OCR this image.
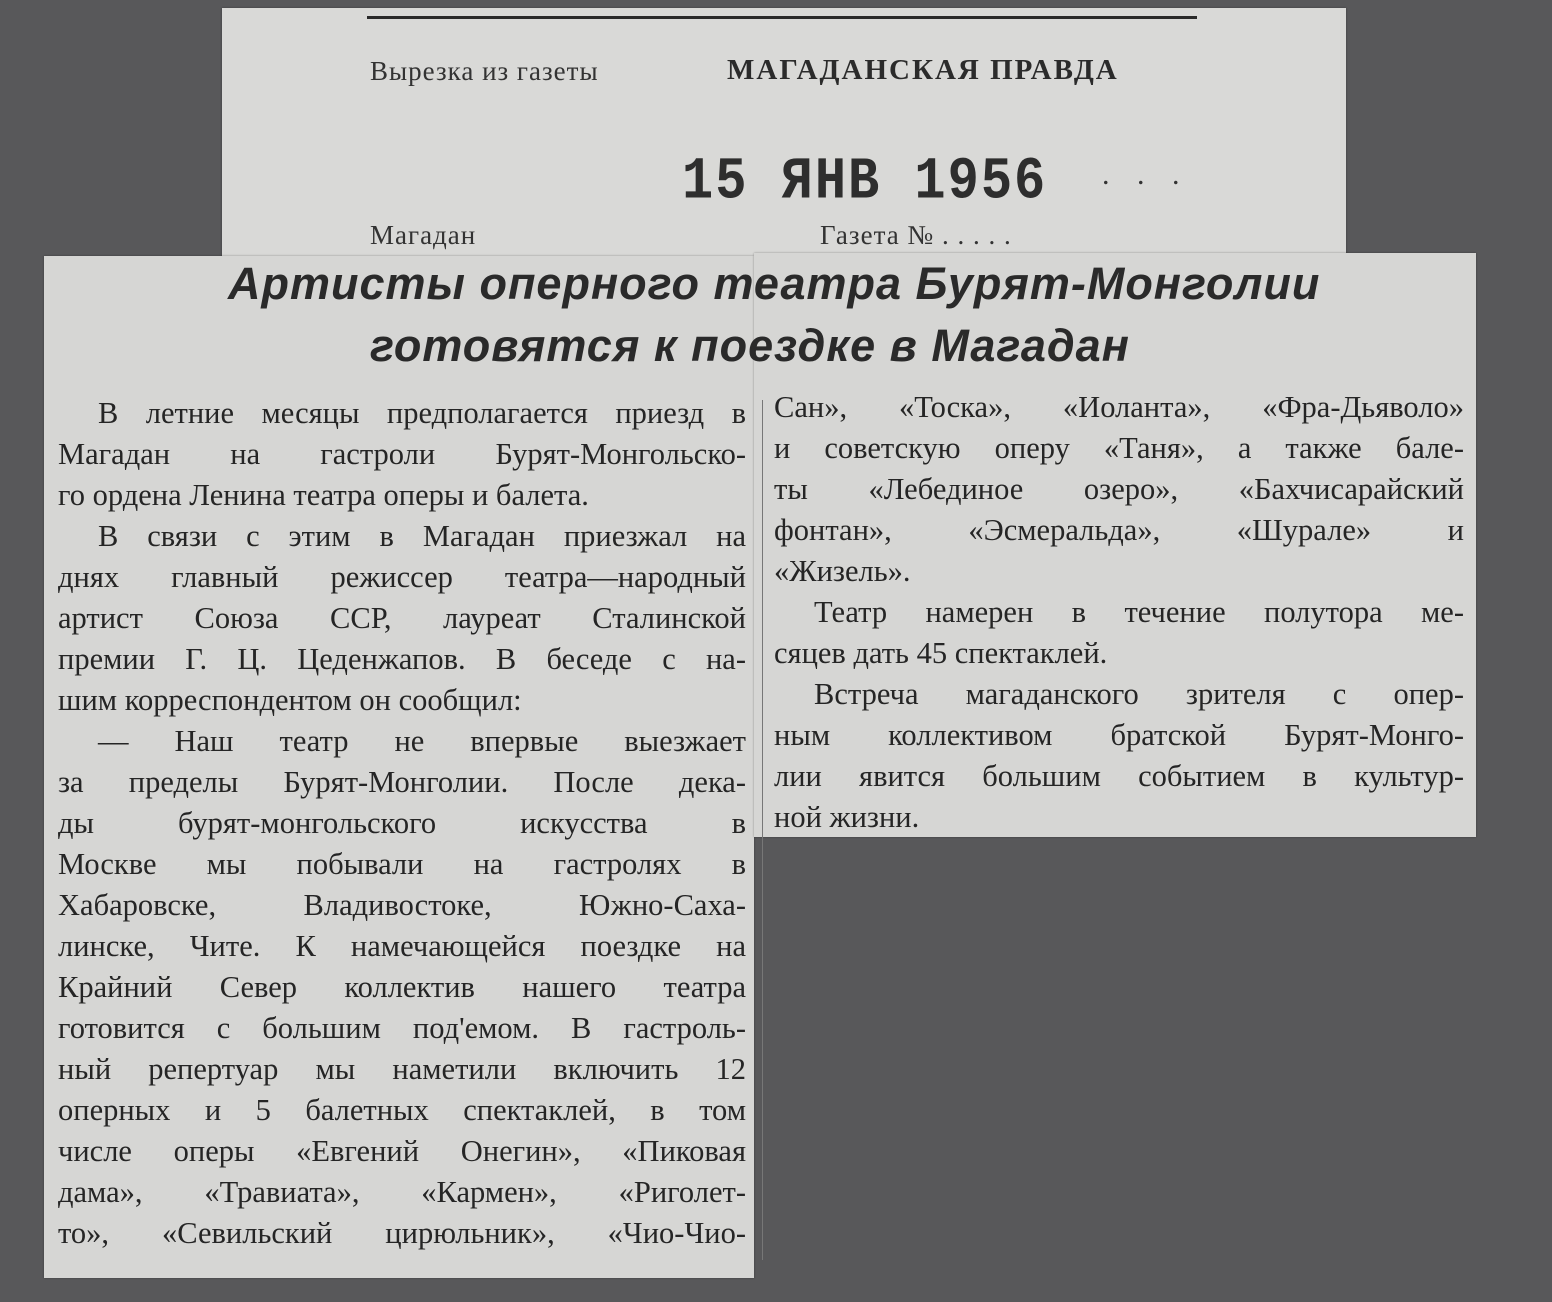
Вырезка из газеты	МАГАДАНСКАЯ ПРАВДА
15 ЯНВ 1956 . . .
Магадан	Газета № . . . . .
Артисты оперного театра Бурят-Монголии
готовятся к поездке в Магадан
В летние месяцы предполагается приезд в
Магадан на гастроли Бурят-Монгольско-
го ордена Ленина театра оперы и балета.
В связи с этим в Магадан приезжал на
днях главный режиссер театра—народный
артист Союза ССР, лауреат Сталинской
премии Г. Ц. Цеденжапов. В беседе с на-
шим корреспондентом он сообщил:
— Наш театр не впервые выезжает
за пределы Бурят-Монголии. После дека-
ды бурят-монгольского искусства в
Москве мы побывали на гастролях в
Хабаровске, Владивостоке, Южно-Саха-
линске, Чите. К намечающейся поездке на
Крайний Север коллектив нашего театра
готовится с большим под'емом. В гастроль-
ный репертуар мы наметили включить 12
оперных и 5 балетных спектаклей, в том
числе оперы «Евгений Онегин», «Пиковая
дама», «Травиата», «Кармен», «Риголет-
то», «Севильский цирюльник», «Чио-Чио-
Сан», «Тоска», «Иоланта», «Фра-Дьяволо»
и советскую оперу «Таня», а также бале-
ты «Лебединое озеро», «Бахчисарайский
фонтан», «Эсмеральда», «Шурале» и
«Жизель».
Театр намерен в течение полутора ме-
сяцев дать 45 спектаклей.
Встреча магаданского зрителя с опер-
ным коллективом братской Бурят-Монго-
лии явится большим событием в культур-
ной жизни.
